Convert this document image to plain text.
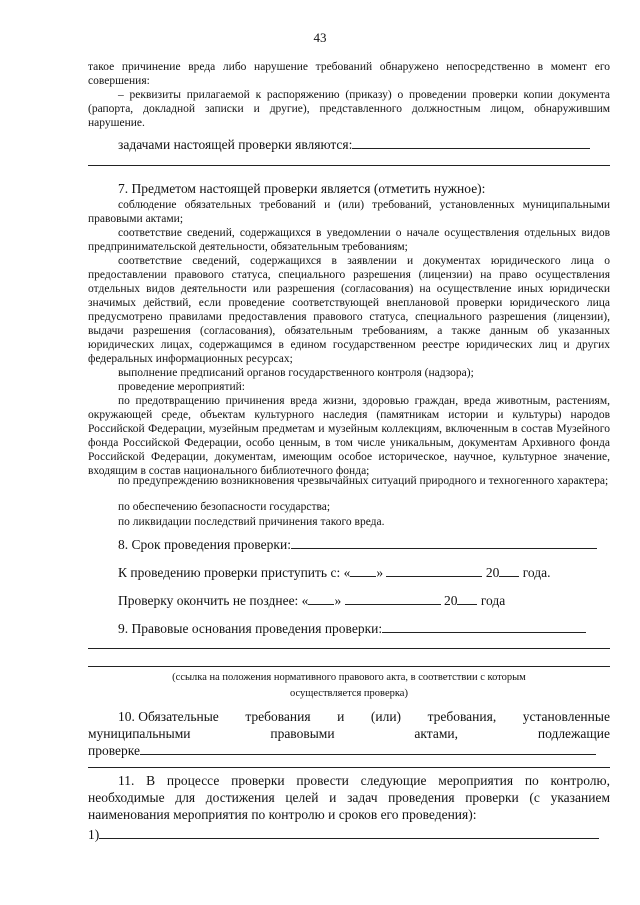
43
такое причинение вреда либо нарушение требований обнаружено непосредственно в момент его совершения:
– реквизиты прилагаемой к распоряжению (приказу) о проведении проверки копии документа (рапорта, докладной записки и другие), представленного должностным лицом, обнаружившим нарушение.
задачами настоящей проверки являются:
7. Предметом настоящей проверки является (отметить нужное):
соблюдение обязательных требований и (или) требований, установленных муниципальными правовыми актами;
соответствие сведений, содержащихся в уведомлении о начале осуществления отдельных видов предпринимательской деятельности, обязательным требованиям;
соответствие сведений, содержащихся в заявлении и документах юридического лица о предоставлении правового статуса, специального разрешения (лицензии) на право осуществления отдельных видов деятельности или разрешения (согласования) на осуществление иных юридически значимых действий, если проведение соответствующей внеплановой проверки юридического лица предусмотрено правилами предоставления правового статуса, специального разрешения (лицензии), выдачи разрешения (согласования), обязательным требованиям, а также данным об указанных юридических лицах, содержащимся в едином государственном реестре юридических лиц и других федеральных информационных ресурсах;
выполнение предписаний органов государственного контроля (надзора);
проведение мероприятий:
по предотвращению причинения вреда жизни, здоровью граждан, вреда животным, растениям, окружающей среде, объектам культурного наследия (памятникам истории и культуры) народов Российской Федерации, музейным предметам и музейным коллекциям, включенным в состав Музейного фонда Российской Федерации, особо ценным, в том числе уникальным, документам Архивного фонда Российской Федерации, документам, имеющим особое историческое, научное, культурное значение, входящим в состав национального библиотечного фонда;
по предупреждению возникновения чрезвычайных ситуаций природного и техногенного характера;
по обеспечению безопасности государства;
по ликвидации последствий причинения такого вреда.
8. Срок проведения проверки:
К проведению проверки приступить с: « »	20 года.
Проверку окончить не позднее: « »	20 года
9. Правовые основания проведения проверки:
(ссылка на положения нормативного правового акта, в соответствии с которым
осуществляется проверка)
10. Обязательные требования и (или) требования, установленные
муниципальными	правовыми	актами,	подлежащие
проверке
11. В процессе проверки провести следующие мероприятия по контролю, необходимые для достижения целей и задач проведения проверки (с указанием наименования мероприятия по контролю и сроков его проведения):
1)
